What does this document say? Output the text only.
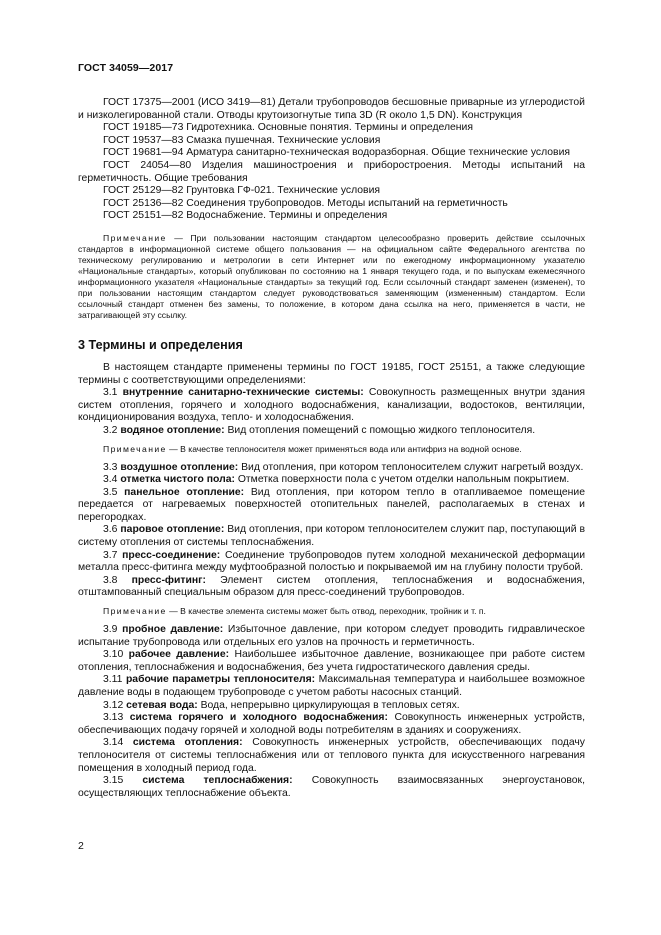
ГОСТ 34059—2017

ГОСТ 17375—2001 (ИСО 3419—81) Детали трубопроводов бесшовные приварные из углеродистой и низколегированной стали. Отводы крутоизогнутые типа 3D (R около 1,5 DN). Конструкция

ГОСТ 19185—73 Гидротехника. Основные понятия. Термины и определения

ГОСТ 19537—83 Смазка пушечная. Технические условия

ГОСТ 19681—94 Арматура санитарно-техническая водоразборная. Общие технические условия

ГОСТ 24054—80 Изделия машиностроения и приборостроения. Методы испытаний на герметичность. Общие требования

ГОСТ 25129—82 Грунтовка ГФ-021. Технические условия

ГОСТ 25136—82 Соединения трубопроводов. Методы испытаний на герметичность

ГОСТ 25151—82 Водоснабжение. Термины и определения

Примечание — При пользовании настоящим стандартом целесообразно проверить действие ссылочных стандартов в информационной системе общего пользования — на официальном сайте Федерального агентства по техническому регулированию и метрологии в сети Интернет или по ежегодному информационному указателю «Национальные стандарты», который опубликован по состоянию на 1 января текущего года, и по выпускам ежемесячного информационного указателя «Национальные стандарты» за текущий год. Если ссылочный стандарт заменен (изменен), то при пользовании настоящим стандартом следует руководствоваться заменяющим (измененным) стандартом. Если ссылочный стандарт отменен без замены, то положение, в котором дана ссылка на него, применяется в части, не затрагивающей эту ссылку.

3 Термины и определения

В настоящем стандарте применены термины по ГОСТ 19185, ГОСТ 25151, а также следующие термины с соответствующими определениями:

3.1 внутренние санитарно-технические системы: Совокупность размещенных внутри здания систем отопления, горячего и холодного водоснабжения, канализации, водостоков, вентиляции, кондиционирования воздуха, тепло- и холодоснабжения.

3.2 водяное отопление: Вид отопления помещений с помощью жидкого теплоносителя.

Примечание — В качестве теплоносителя может применяться вода или антифриз на водной основе.

3.3 воздушное отопление: Вид отопления, при котором теплоносителем служит нагретый воздух.

3.4 отметка чистого пола: Отметка поверхности пола с учетом отделки напольным покрытием.

3.5 панельное отопление: Вид отопления, при котором тепло в отапливаемое помещение передается от нагреваемых поверхностей отопительных панелей, располагаемых в стенах и перегородках.

3.6 паровое отопление: Вид отопления, при котором теплоносителем служит пар, поступающий в систему отопления от системы теплоснабжения.

3.7 пресс-соединение: Соединение трубопроводов путем холодной механической деформации металла пресс-фитинга между муфтообразной полостью и покрываемой им на глубину полости трубой.

3.8 пресс-фитинг: Элемент систем отопления, теплоснабжения и водоснабжения, отштампованный специальным образом для пресс-соединений трубопроводов.

Примечание — В качестве элемента системы может быть отвод, переходник, тройник и т. п.

3.9 пробное давление: Избыточное давление, при котором следует проводить гидравлическое испытание трубопровода или отдельных его узлов на прочность и герметичность.

3.10 рабочее давление: Наибольшее избыточное давление, возникающее при работе систем отопления, теплоснабжения и водоснабжения, без учета гидростатического давления среды.

3.11 рабочие параметры теплоносителя: Максимальная температура и наибольшее возможное давление воды в подающем трубопроводе с учетом работы насосных станций.

3.12 сетевая вода: Вода, непрерывно циркулирующая в тепловых сетях.

3.13 система горячего и холодного водоснабжения: Совокупность инженерных устройств, обеспечивающих подачу горячей и холодной воды потребителям в зданиях и сооружениях.

3.14 система отопления: Совокупность инженерных устройств, обеспечивающих подачу теплоносителя от системы теплоснабжения или от теплового пункта для искусственного нагревания помещения в холодный период года.

3.15 система теплоснабжения: Совокупность взаимосвязанных энергоустановок, осуществляющих теплоснабжение объекта.

2
